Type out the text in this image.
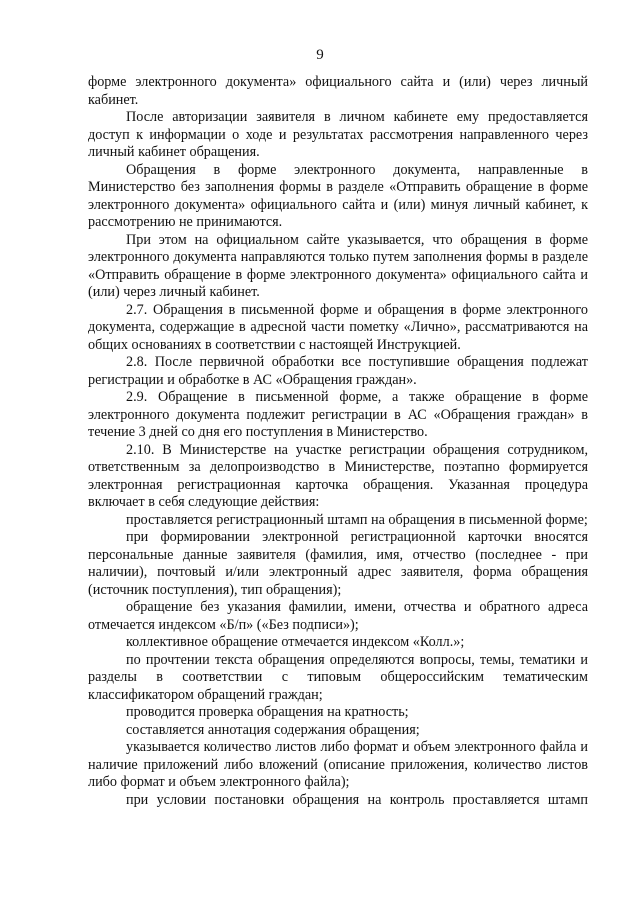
9

форме электронного документа» официального сайта и (или) через личный кабинет.

После авторизации заявителя в личном кабинете ему предоставляется доступ к информации о ходе и результатах рассмотрения направленного через личный кабинет обращения.

Обращения в форме электронного документа, направленные в Министерство без заполнения формы в разделе «Отправить обращение в форме электронного документа» официального сайта и (или) минуя личный кабинет, к рассмотрению не принимаются.

При этом на официальном сайте указывается, что обращения в форме электронного документа направляются только путем заполнения формы в разделе «Отправить обращение в форме электронного документа» официального сайта и (или) через личный кабинет.

2.7. Обращения в письменной форме и обращения в форме электронного документа, содержащие в адресной части пометку «Лично», рассматриваются на общих основаниях в соответствии с настоящей Инструкцией.

2.8. После первичной обработки все поступившие обращения подлежат регистрации и обработке в АС «Обращения граждан».

2.9. Обращение в письменной форме, а также обращение в форме электронного документа подлежит регистрации в АС «Обращения граждан» в течение 3 дней со дня его поступления в Министерство.

2.10. В Министерстве на участке регистрации обращения сотрудником, ответственным за делопроизводство в Министерстве, поэтапно формируется электронная регистрационная карточка обращения. Указанная процедура включает в себя следующие действия:

проставляется регистрационный штамп на обращения в письменной форме;

при формировании электронной регистрационной карточки вносятся персональные данные заявителя (фамилия, имя, отчество (последнее - при наличии), почтовый и/или электронный адрес заявителя, форма обращения (источник поступления), тип обращения);

обращение без указания фамилии, имени, отчества и обратного адреса отмечается индексом «Б/п» («Без подписи»);

коллективное обращение отмечается индексом «Колл.»;

по прочтении текста обращения определяются вопросы, темы, тематики и разделы в соответствии с типовым общероссийским тематическим классификатором обращений граждан;

проводится проверка обращения на кратность;

составляется аннотация содержания обращения;

указывается количество листов либо формат и объем электронного файла и наличие приложений либо вложений (описание приложения, количество листов либо формат и объем электронного файла);

при условии постановки обращения на контроль проставляется штамп
